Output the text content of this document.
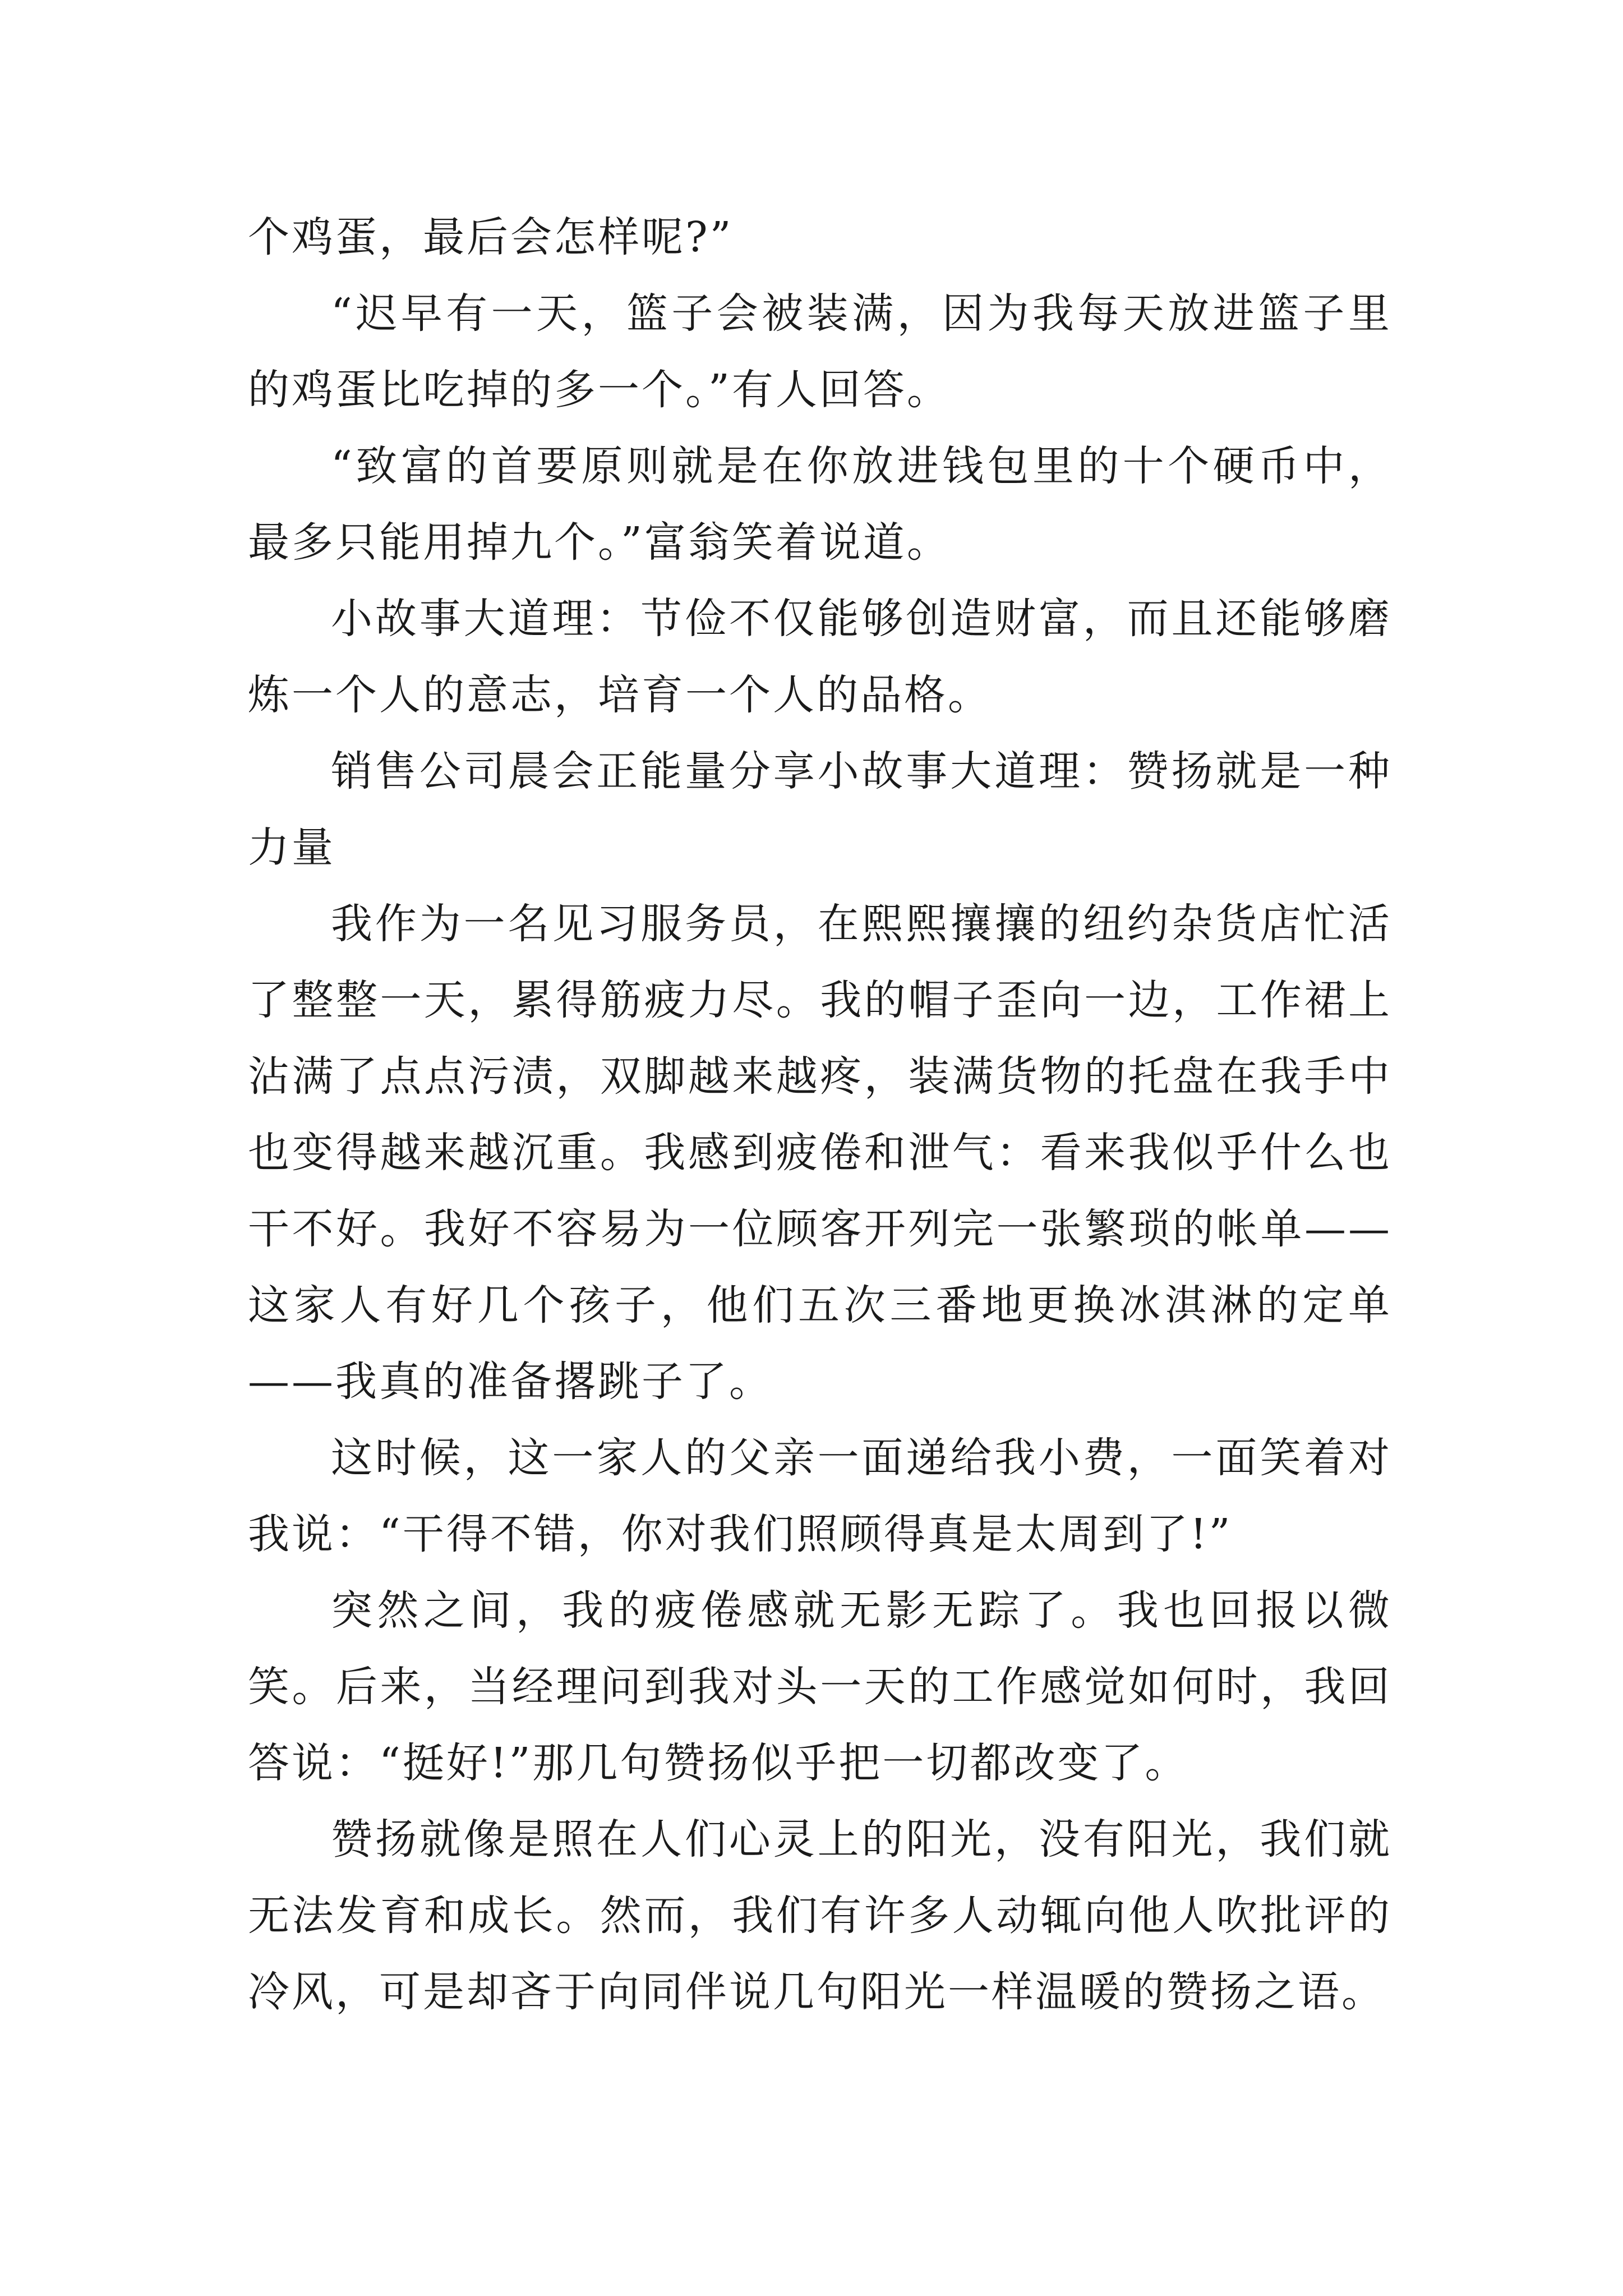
个鸡蛋，最后会怎样呢?”

“迟早有一天，篮子会被装满，因为我每天放进篮子里的鸡蛋比吃掉的多一个。”有人回答。

“致富的首要原则就是在你放进钱包里的十个硬币中，最多只能用掉九个。”富翁笑着说道。

小故事大道理：节俭不仅能够创造财富，而且还能够磨炼一个人的意志，培育一个人的品格。

销售公司晨会正能量分享小故事大道理：赞扬就是一种力量

我作为一名见习服务员，在熙熙攘攘的纽约杂货店忙活了整整一天，累得筋疲力尽。我的帽子歪向一边，工作裙上沾满了点点污渍，双脚越来越疼，装满货物的托盘在我手中也变得越来越沉重。我感到疲倦和泄气：看来我似乎什么也干不好。我好不容易为一位顾客开列完一张繁琐的帐单——这家人有好几个孩子，他们五次三番地更换冰淇淋的定单——我真的准备撂跳子了。

这时候，这一家人的父亲一面递给我小费，一面笑着对我说：“干得不错，你对我们照顾得真是太周到了!”

突然之间，我的疲倦感就无影无踪了。我也回报以微笑。后来，当经理问到我对头一天的工作感觉如何时，我回答说：“挺好!”那几句赞扬似乎把一切都改变了。

赞扬就像是照在人们心灵上的阳光，没有阳光，我们就无法发育和成长。然而，我们有许多人动辄向他人吹批评的冷风，可是却吝于向同伴说几句阳光一样温暖的赞扬之语。
